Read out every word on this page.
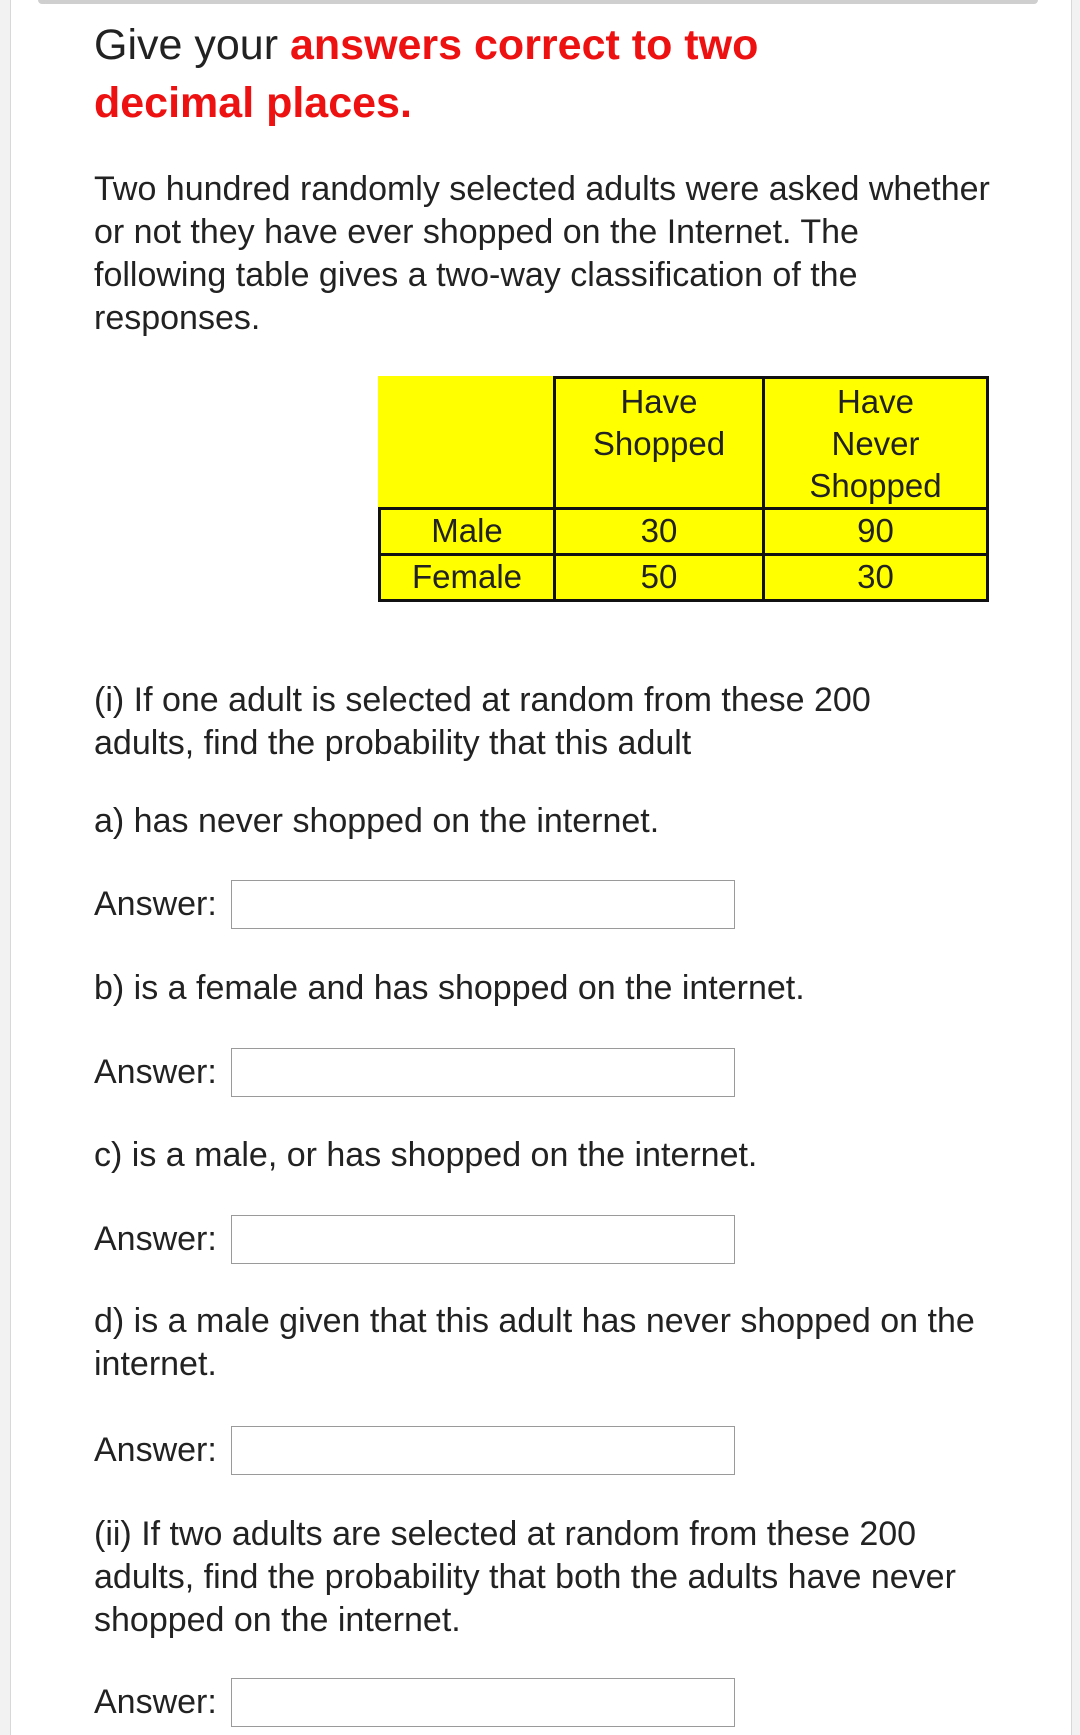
Give your answers correct to two
decimal places.
Two hundred randomly selected adults were asked whether or not they have ever shopped on the Internet. The following table gives a two-way classification of the responses.

	Have Shopped	Have Never Shopped

Male	30	90
Female	50	30
(i) If one adult is selected at random from these 200 adults, find the probability that this adult
a) has never shopped on the internet.
Answer:
b) is a female and has shopped on the internet.
Answer:
c) is a male, or has shopped on the internet.
Answer:
d) is a male given that this adult has never shopped on the internet.
Answer:
(ii) If two adults are selected at random from these 200 adults, find the probability that both the adults have never shopped on the internet.
Answer:
